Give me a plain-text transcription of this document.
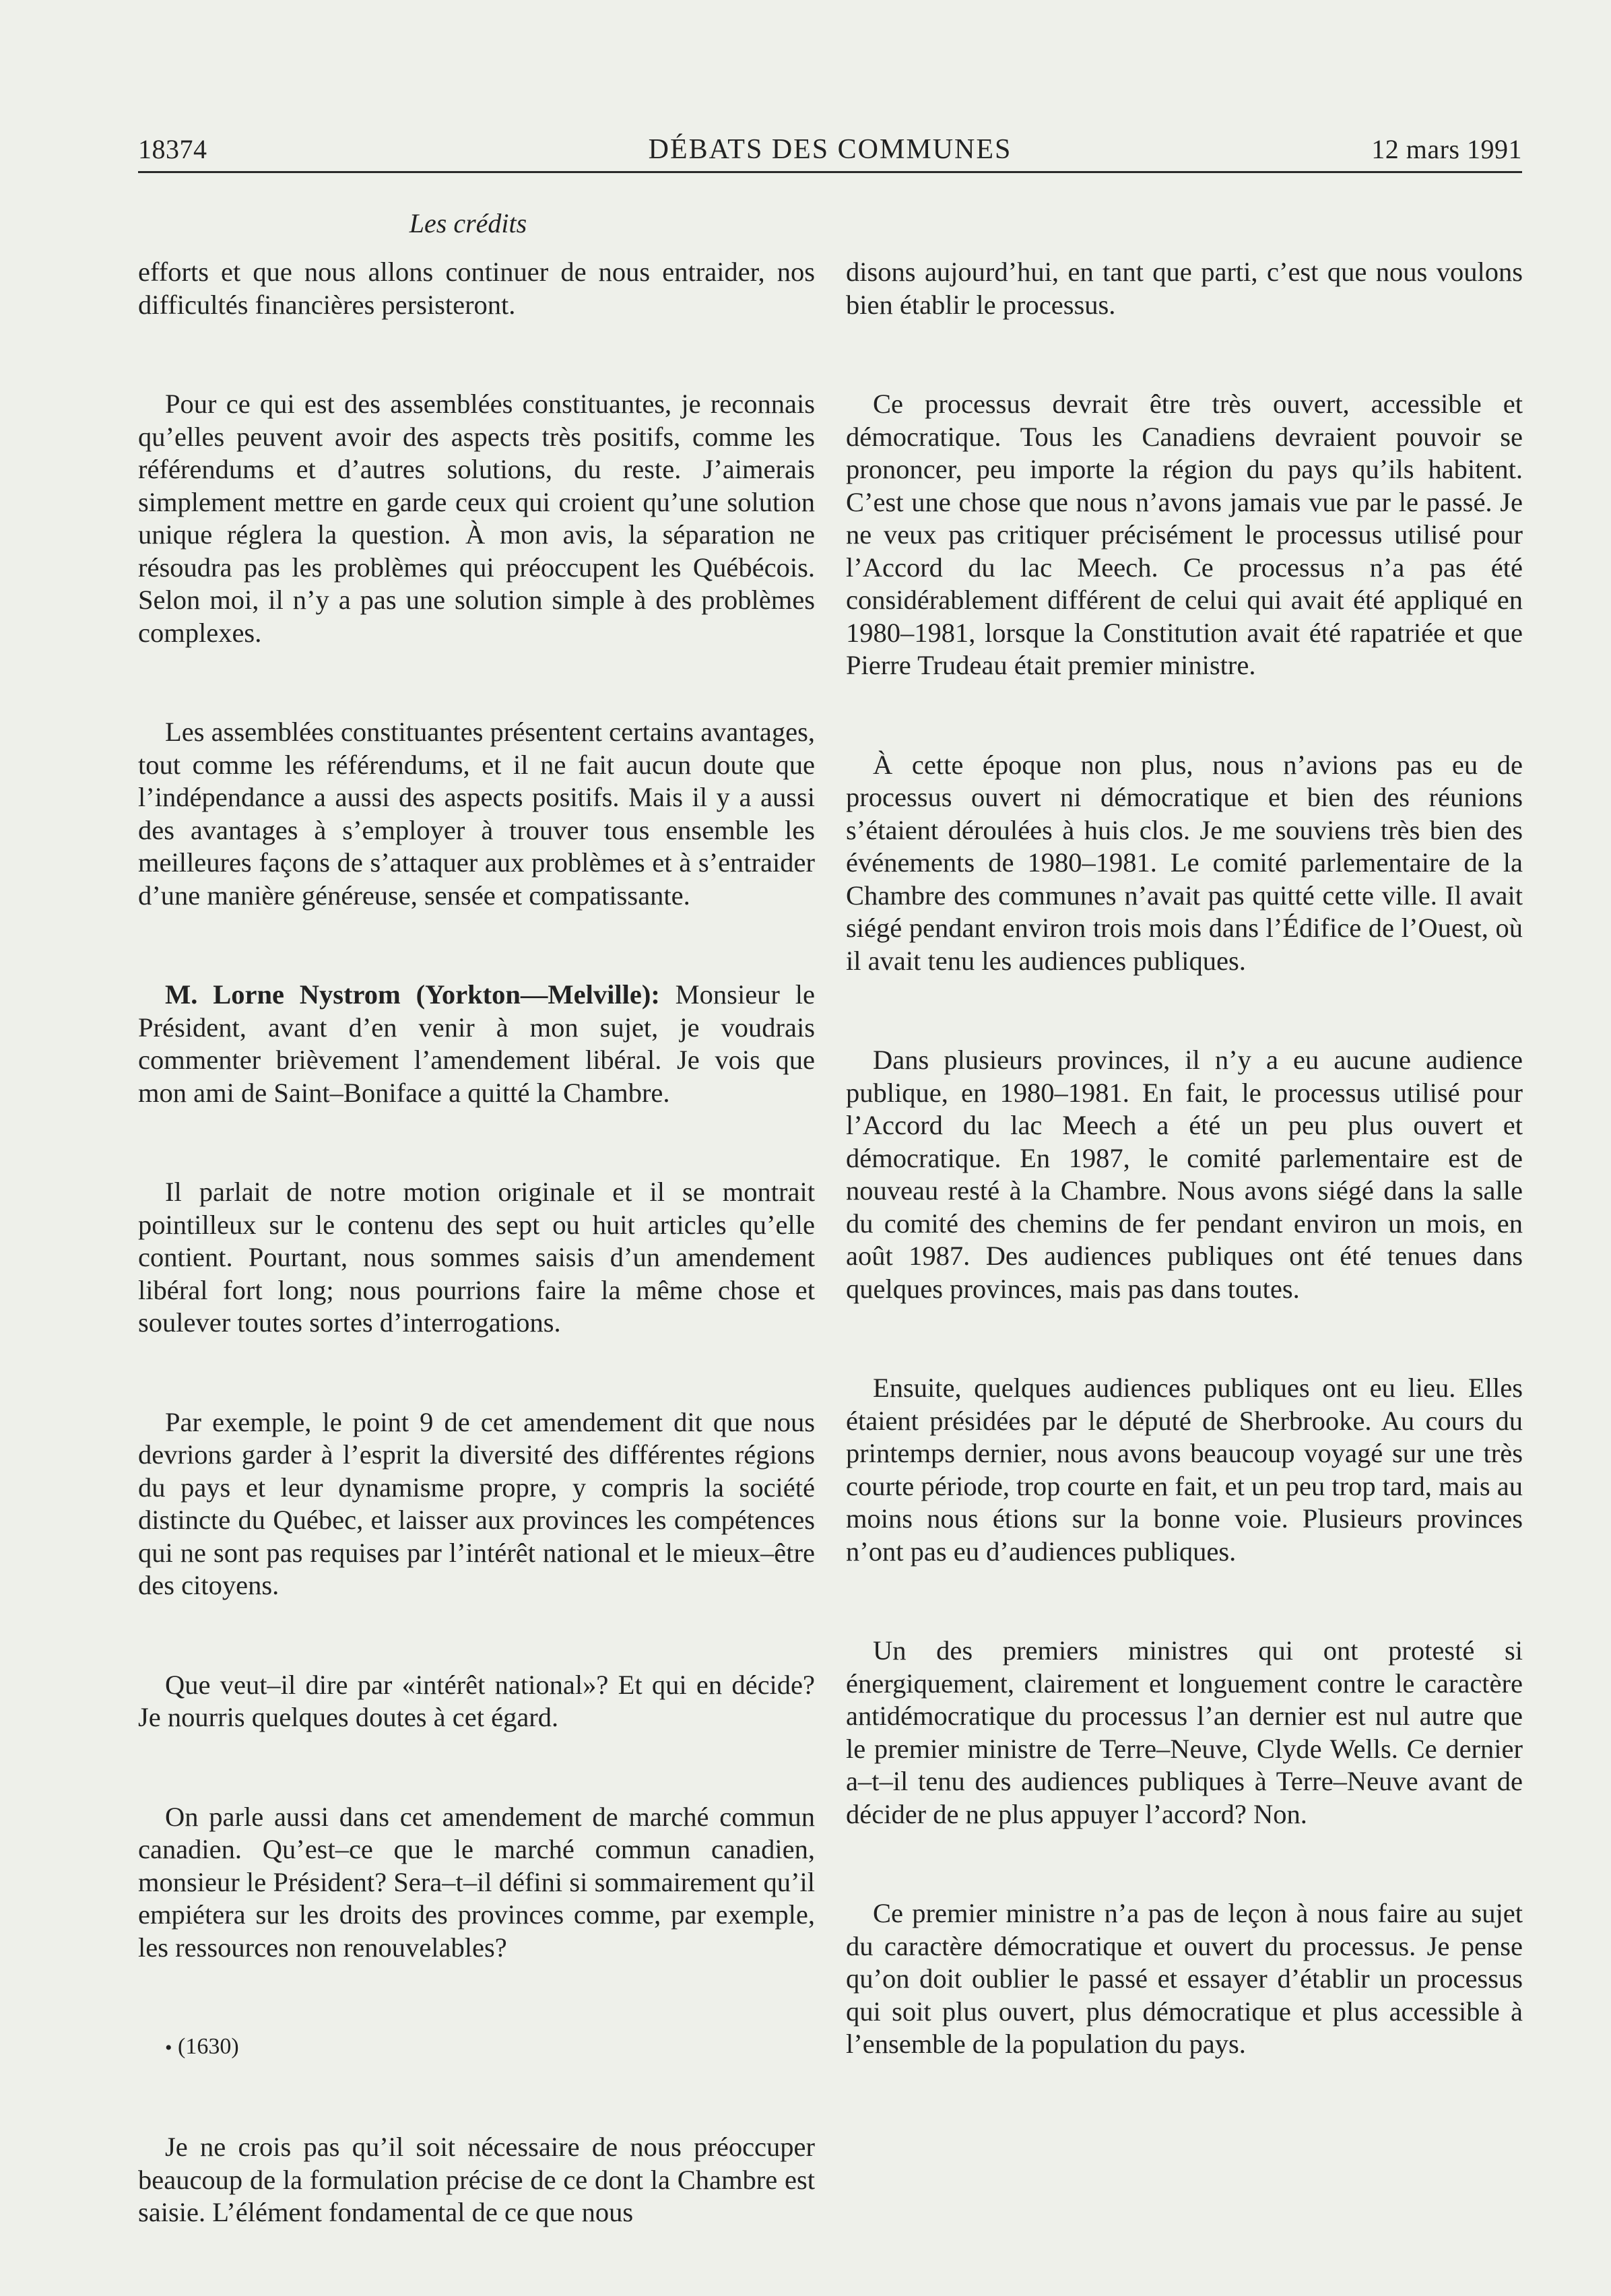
18374	DÉBATS DES COMMUNES	12 mars 1991
Les crédits

efforts et que nous allons continuer de nous entraider, nos difficultés financières persisteront.

Pour ce qui est des assemblées constituantes, je reconnais qu’elles peuvent avoir des aspects très positifs, comme les référendums et d’autres solutions, du reste. J’aimerais simplement mettre en garde ceux qui croient qu’une solution unique réglera la question. À mon avis, la séparation ne résoudra pas les problèmes qui préoccupent les Québécois. Selon moi, il n’y a pas une solution simple à des problèmes complexes.

Les assemblées constituantes présentent certains avantages, tout comme les référendums, et il ne fait aucun doute que l’indépendance a aussi des aspects positifs. Mais il y a aussi des avantages à s’employer à trouver tous ensemble les meilleures façons de s’attaquer aux problèmes et à s’entraider d’une manière généreuse, sensée et compatissante.

M. Lorne Nystrom (Yorkton—Melville): Monsieur le Président, avant d’en venir à mon sujet, je voudrais commenter brièvement l’amendement libéral. Je vois que mon ami de Saint–Boniface a quitté la Chambre.

Il parlait de notre motion originale et il se montrait pointilleux sur le contenu des sept ou huit articles qu’elle contient. Pourtant, nous sommes saisis d’un amendement libéral fort long; nous pourrions faire la même chose et soulever toutes sortes d’interrogations.

Par exemple, le point 9 de cet amendement dit que nous devrions garder à l’esprit la diversité des différentes régions du pays et leur dynamisme propre, y compris la société distincte du Québec, et laisser aux provinces les compétences qui ne sont pas requises par l’intérêt national et le mieux–être des citoyens.

Que veut–il dire par «intérêt national»? Et qui en décide? Je nourris quelques doutes à cet égard.

On parle aussi dans cet amendement de marché commun canadien. Qu’est–ce que le marché commun canadien, monsieur le Président? Sera–t–il défini si sommairement qu’il empiétera sur les droits des provinces comme, par exemple, les ressources non renouvelables?

• (1630)

Je ne crois pas qu’il soit nécessaire de nous préoccuper beaucoup de la formulation précise de ce dont la Chambre est saisie. L’élément fondamental de ce que nous

disons aujourd’hui, en tant que parti, c’est que nous voulons bien établir le processus.

Ce processus devrait être très ouvert, accessible et démocratique. Tous les Canadiens devraient pouvoir se prononcer, peu importe la région du pays qu’ils habitent. C’est une chose que nous n’avons jamais vue par le passé. Je ne veux pas critiquer précisément le processus utilisé pour l’Accord du lac Meech. Ce processus n’a pas été considérablement différent de celui qui avait été appliqué en 1980–1981, lorsque la Constitution avait été rapatriée et que Pierre Trudeau était premier ministre.

À cette époque non plus, nous n’avions pas eu de processus ouvert ni démocratique et bien des réunions s’étaient déroulées à huis clos. Je me souviens très bien des événements de 1980–1981. Le comité parlementaire de la Chambre des communes n’avait pas quitté cette ville. Il avait siégé pendant environ trois mois dans l’Édifice de l’Ouest, où il avait tenu les audiences publiques.

Dans plusieurs provinces, il n’y a eu aucune audience publique, en 1980–1981. En fait, le processus utilisé pour l’Accord du lac Meech a été un peu plus ouvert et démocratique. En 1987, le comité parlementaire est de nouveau resté à la Chambre. Nous avons siégé dans la salle du comité des chemins de fer pendant environ un mois, en août 1987. Des audiences publiques ont été tenues dans quelques provinces, mais pas dans toutes.

Ensuite, quelques audiences publiques ont eu lieu. Elles étaient présidées par le député de Sherbrooke. Au cours du printemps dernier, nous avons beaucoup voyagé sur une très courte période, trop courte en fait, et un peu trop tard, mais au moins nous étions sur la bonne voie. Plusieurs provinces n’ont pas eu d’audiences publiques.

Un des premiers ministres qui ont protesté si énergiquement, clairement et longuement contre le caractère antidémocratique du processus l’an dernier est nul autre que le premier ministre de Terre–Neuve, Clyde Wells. Ce dernier a–t–il tenu des audiences publiques à Terre–Neuve avant de décider de ne plus appuyer l’accord? Non.

Ce premier ministre n’a pas de leçon à nous faire au sujet du caractère démocratique et ouvert du processus. Je pense qu’on doit oublier le passé et essayer d’établir un processus qui soit plus ouvert, plus démocratique et plus accessible à l’ensemble de la population du pays.
